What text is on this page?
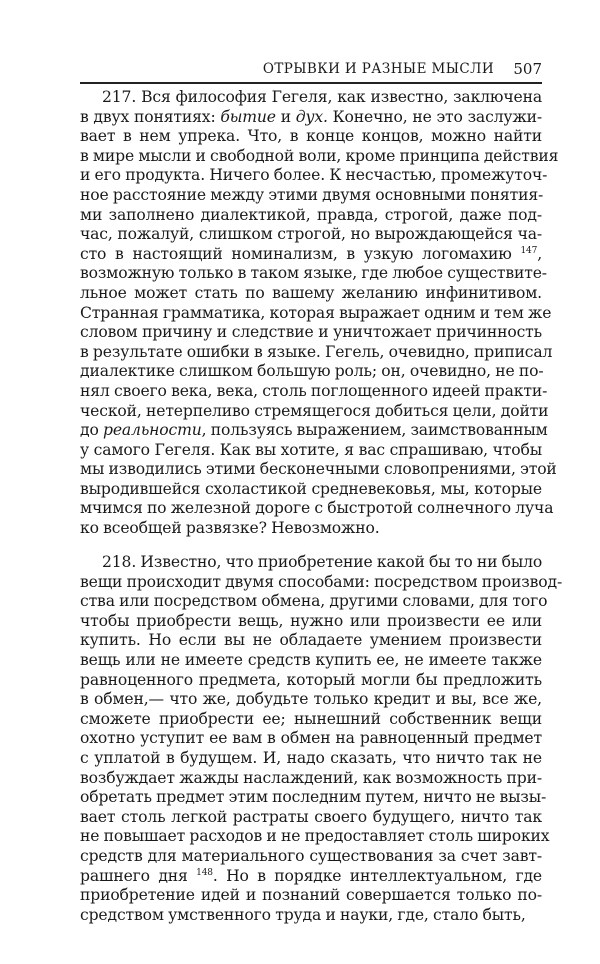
ОТРЫВКИ И РАЗНЫЕ МЫСЛИ 507
217. Вся философия Гегеля, как известно, заключена
в двух понятиях: бытие и дух. Конечно, не это заслужи-
вает в нем упрека. Что, в конце концов, можно найти
в мире мысли и свободной воли, кроме принципа действия
и его продукта. Ничего более. К несчастью, промежуточ-
ное расстояние между этими двумя основными понятия-
ми заполнено диалектикой, правда, строгой, даже под-
час, пожалуй, слишком строгой, но вырождающейся ча-
сто в настоящий номинализм, в узкую логомахию $^{147}$,
возможную только в таком языке, где любое существите-
льное может стать по вашему желанию инфинитивом.
Странная грамматика, которая выражает одним и тем же
словом причину и следствие и уничтожает причинность
в результате ошибки в языке. Гегель, очевидно, приписал
диалектике слишком большую роль; он, очевидно, не по-
нял своего века, века, столь поглощенного идеей практи-
ческой, нетерпеливо стремящегося добиться цели, дойти
до реальности, пользуясь выражением, заимствованным
у самого Гегеля. Как вы хотите, я вас спрашиваю, чтобы
мы изводились этими бесконечными словопрениями, этой
выродившейся схоластикой средневековья, мы, которые
мчимся по железной дороге с быстротой солнечного луча
ко всеобщей развязке? Невозможно.
218. Известно, что приобретение какой бы то ни было
вещи происходит двумя способами: посредством производ-
ства или посредством обмена, другими словами, для того
чтобы приобрести вещь, нужно или произвести ее или
купить. Но если вы не обладаете умением произвести
вещь или не имеете средств купить ее, не имеете также
равноценного предмета, который могли бы предложить
в обмен,— что же, добудьте только кредит и вы, все же,
сможете приобрести ее; нынешний собственник вещи
охотно уступит ее вам в обмен на равноценный предмет
с уплатой в будущем. И, надо сказать, что ничто так не
возбуждает жажды наслаждений, как возможность при-
обретать предмет этим последним путем, ничто не вызы-
вает столь легкой растраты своего будущего, ничто так
не повышает расходов и не предоставляет столь широких
средств для материального существования за счет завт-
рашнего дня $^{148}$. Но в порядке интеллектуальном, где
приобретение идей и познаний совершается только по-
средством умственного труда и науки, где, стало быть,
